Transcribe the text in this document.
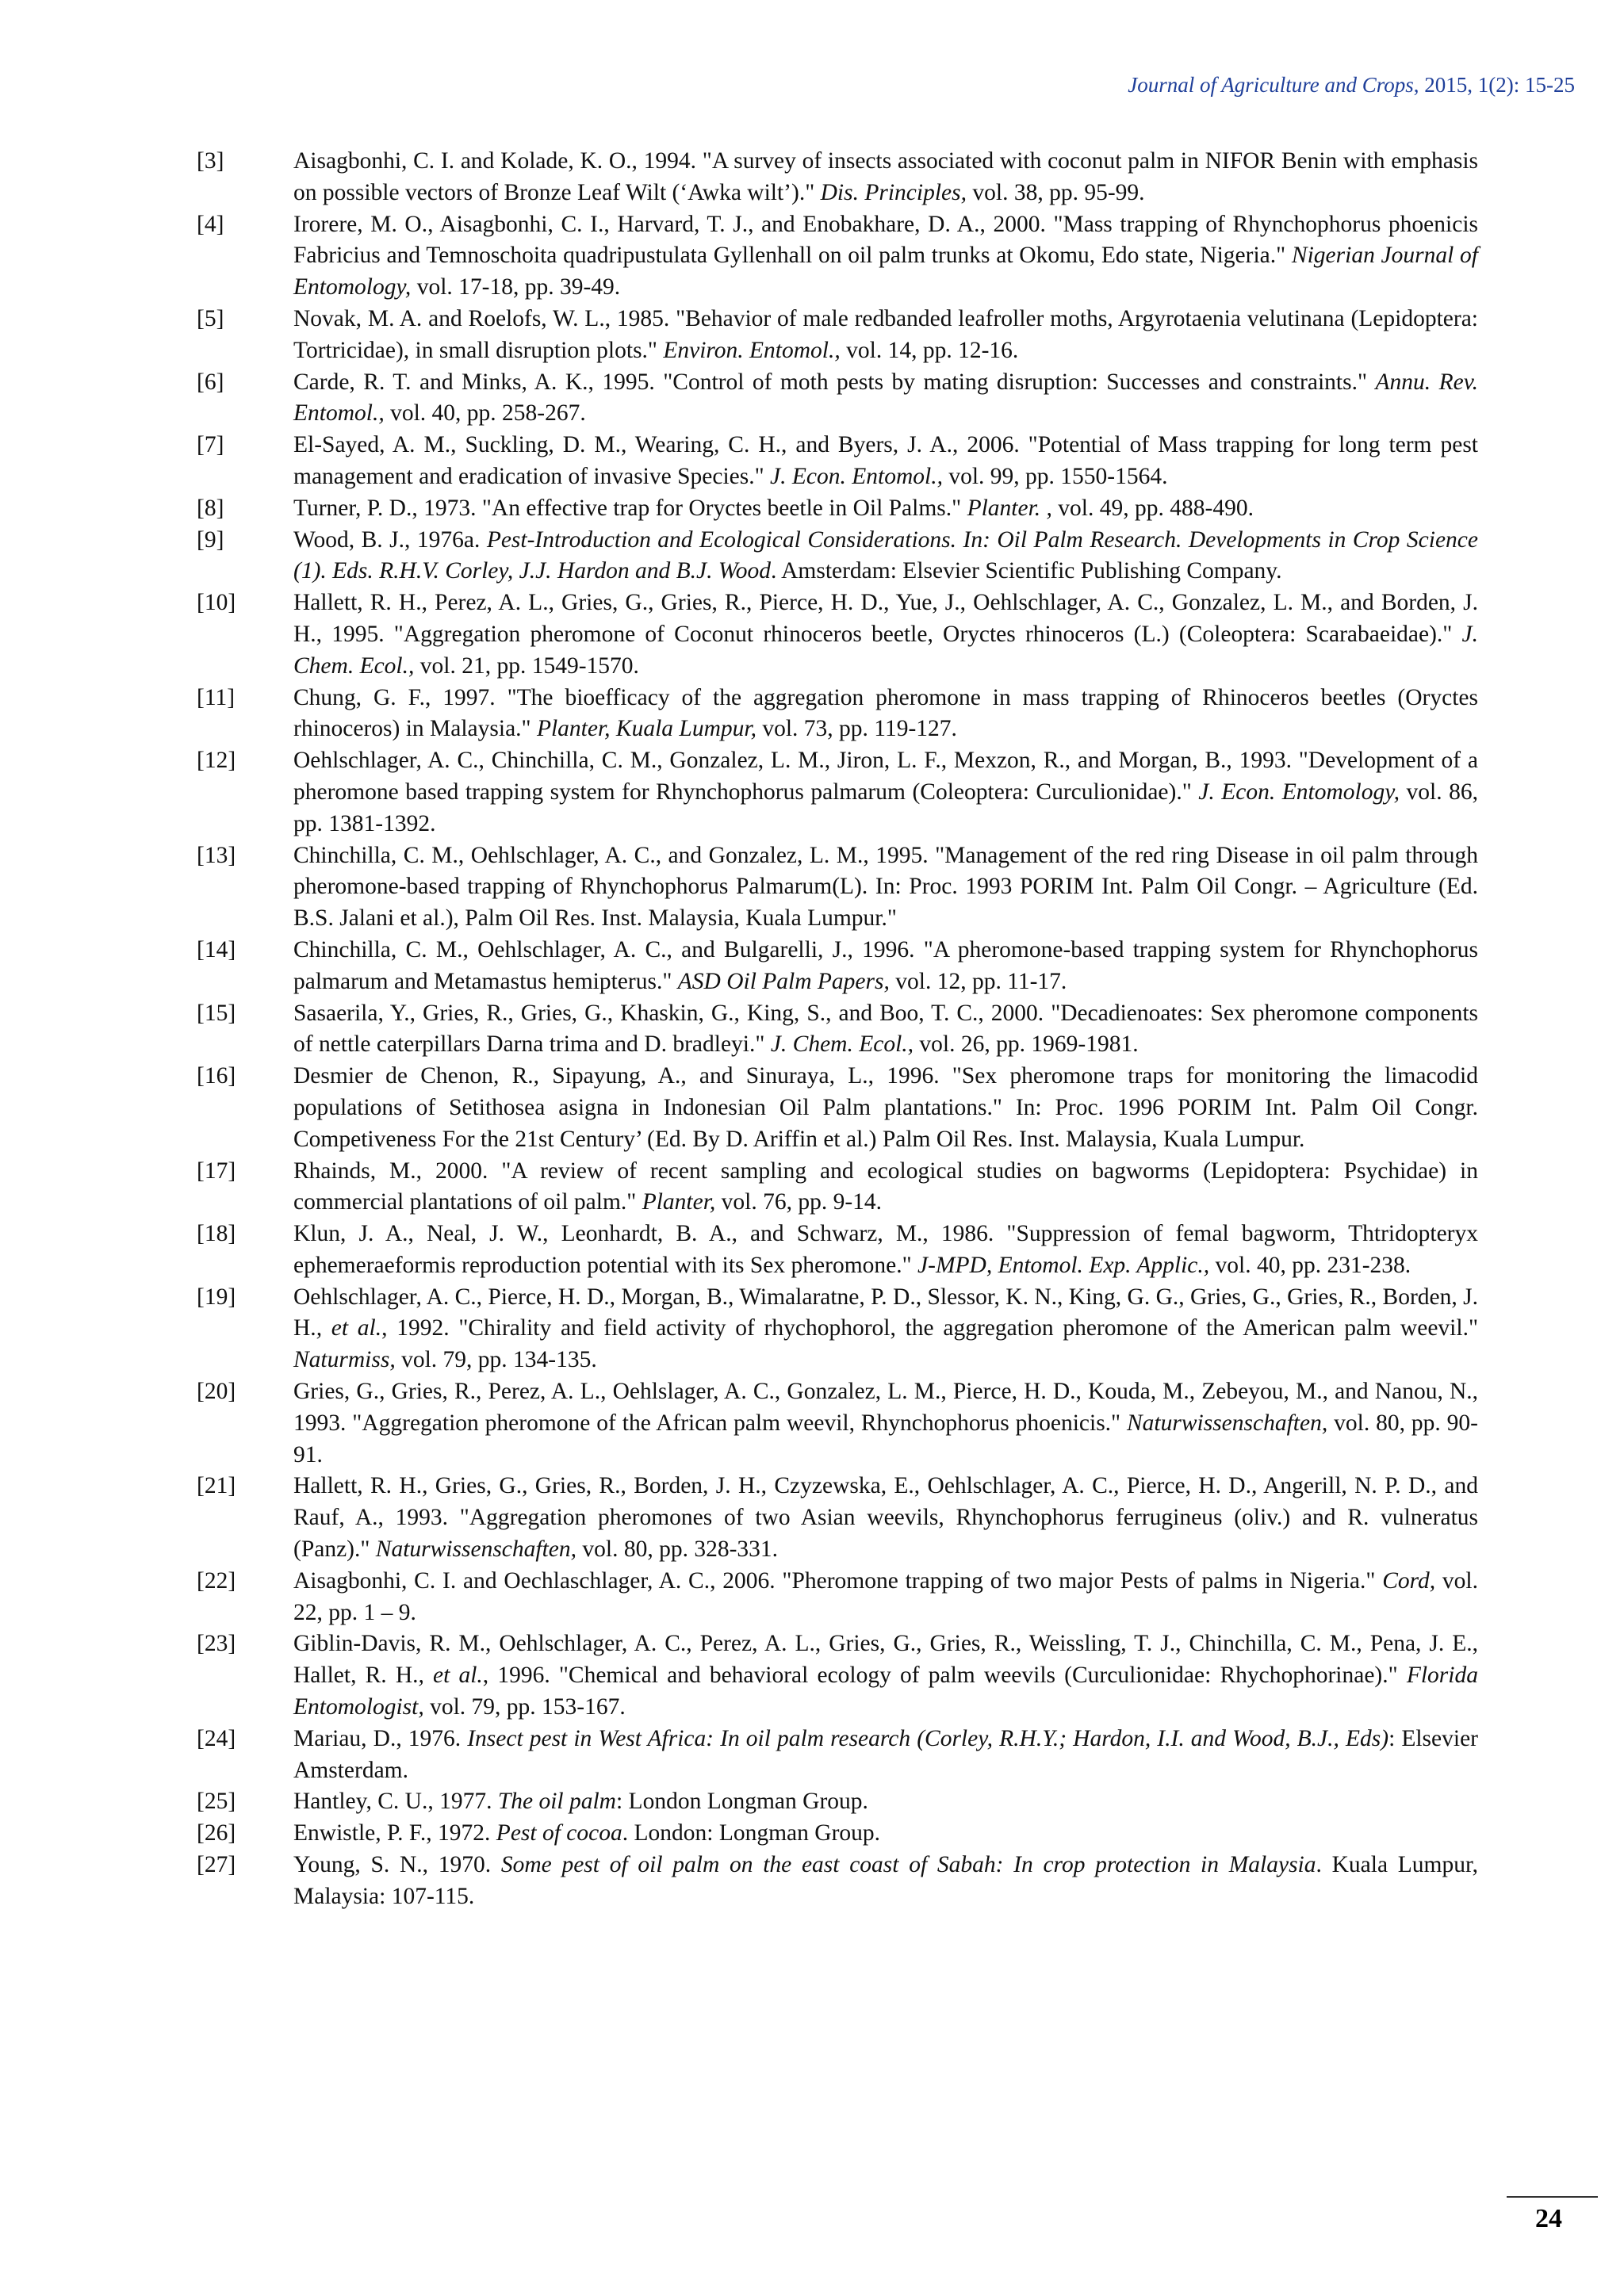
Journal of Agriculture and Crops, 2015, 1(2): 15-25
[3]	Aisagbonhi, C. I. and Kolade, K. O., 1994. "A survey of insects associated with coconut palm in NIFOR Benin with emphasis on possible vectors of Bronze Leaf Wilt (‘Awka wilt’)." Dis. Principles, vol. 38, pp. 95-99.
[4]	Irorere, M. O., Aisagbonhi, C. I., Harvard, T. J., and Enobakhare, D. A., 2000. "Mass trapping of Rhynchophorus phoenicis Fabricius and Temnoschoita quadripustulata Gyllenhall on oil palm trunks at Okomu, Edo state, Nigeria." Nigerian Journal of Entomology, vol. 17-18, pp. 39-49.
[5]	Novak, M. A. and Roelofs, W. L., 1985. "Behavior of male redbanded leafroller moths, Argyrotaenia velutinana (Lepidoptera: Tortricidae), in small disruption plots." Environ. Entomol., vol. 14, pp. 12-16.
[6]	Carde, R. T. and Minks, A. K., 1995. "Control of moth pests by mating disruption: Successes and constraints." Annu. Rev. Entomol., vol. 40, pp. 258-267.
[7]	El-Sayed, A. M., Suckling, D. M., Wearing, C. H., and Byers, J. A., 2006. "Potential of Mass trapping for long term pest management and eradication of invasive Species." J. Econ. Entomol., vol. 99, pp. 1550-1564.
[8]	Turner, P. D., 1973. "An effective trap for Oryctes beetle in Oil Palms." Planter. , vol. 49, pp. 488-490.
[9]	Wood, B. J., 1976a. Pest-Introduction and Ecological Considerations. In: Oil Palm Research. Developments in Crop Science (1). Eds. R.H.V. Corley, J.J. Hardon and B.J. Wood. Amsterdam: Elsevier Scientific Publishing Company.
[10]	Hallett, R. H., Perez, A. L., Gries, G., Gries, R., Pierce, H. D., Yue, J., Oehlschlager, A. C., Gonzalez, L. M., and Borden, J. H., 1995. "Aggregation pheromone of Coconut rhinoceros beetle, Oryctes rhinoceros (L.) (Coleoptera: Scarabaeidae)." J. Chem. Ecol., vol. 21, pp. 1549-1570.
[11]	Chung, G. F., 1997. "The bioefficacy of the aggregation pheromone in mass trapping of Rhinoceros beetles (Oryctes rhinoceros) in Malaysia." Planter, Kuala Lumpur, vol. 73, pp. 119-127.
[12]	Oehlschlager, A. C., Chinchilla, C. M., Gonzalez, L. M., Jiron, L. F., Mexzon, R., and Morgan, B., 1993. "Development of a pheromone based trapping system for Rhynchophorus palmarum (Coleoptera: Curculionidae)." J. Econ. Entomology, vol. 86, pp. 1381-1392.
[13]	Chinchilla, C. M., Oehlschlager, A. C., and Gonzalez, L. M., 1995. "Management of the red ring Disease in oil palm through pheromone-based trapping of Rhynchophorus Palmarum(L). In: Proc. 1993 PORIM Int. Palm Oil Congr. – Agriculture (Ed. B.S. Jalani et al.), Palm Oil Res. Inst. Malaysia, Kuala Lumpur."
[14]	Chinchilla, C. M., Oehlschlager, A. C., and Bulgarelli, J., 1996. "A pheromone-based trapping system for Rhynchophorus palmarum and Metamastus hemipterus." ASD Oil Palm Papers, vol. 12, pp. 11-17.
[15]	Sasaerila, Y., Gries, R., Gries, G., Khaskin, G., King, S., and Boo, T. C., 2000. "Decadienoates: Sex pheromone components of nettle caterpillars Darna trima and D. bradleyi." J. Chem. Ecol., vol. 26, pp. 1969-1981.
[16]	Desmier de Chenon, R., Sipayung, A., and Sinuraya, L., 1996. "Sex pheromone traps for monitoring the limacodid populations of Setithosea asigna in Indonesian Oil Palm plantations." In: Proc. 1996 PORIM Int. Palm Oil Congr. Competiveness For the 21st Century’ (Ed. By D. Ariffin et al.) Palm Oil Res. Inst. Malaysia, Kuala Lumpur.
[17]	Rhainds, M., 2000. "A review of recent sampling and ecological studies on bagworms (Lepidoptera: Psychidae) in commercial plantations of oil palm." Planter, vol. 76, pp. 9-14.
[18]	Klun, J. A., Neal, J. W., Leonhardt, B. A., and Schwarz, M., 1986. "Suppression of femal bagworm, Thtridopteryx ephemeraeformis reproduction potential with its Sex pheromone." J-MPD, Entomol. Exp. Applic., vol. 40, pp. 231-238.
[19]	Oehlschlager, A. C., Pierce, H. D., Morgan, B., Wimalaratne, P. D., Slessor, K. N., King, G. G., Gries, G., Gries, R., Borden, J. H., et al., 1992. "Chirality and field activity of rhychophorol, the aggregation pheromone of the American palm weevil." Naturmiss, vol. 79, pp. 134-135.
[20]	Gries, G., Gries, R., Perez, A. L., Oehlslager, A. C., Gonzalez, L. M., Pierce, H. D., Kouda, M., Zebeyou, M., and Nanou, N., 1993. "Aggregation pheromone of the African palm weevil, Rhynchophorus phoenicis." Naturwissenschaften, vol. 80, pp. 90-91.
[21]	Hallett, R. H., Gries, G., Gries, R., Borden, J. H., Czyzewska, E., Oehlschlager, A. C., Pierce, H. D., Angerill, N. P. D., and Rauf, A., 1993. "Aggregation pheromones of two Asian weevils, Rhynchophorus ferrugineus (oliv.) and R. vulneratus (Panz)." Naturwissenschaften, vol. 80, pp. 328-331.
[22]	Aisagbonhi, C. I. and Oechlaschlager, A. C., 2006. "Pheromone trapping of two major Pests of palms in Nigeria." Cord, vol. 22, pp. 1 – 9.
[23]	Giblin-Davis, R. M., Oehlschlager, A. C., Perez, A. L., Gries, G., Gries, R., Weissling, T. J., Chinchilla, C. M., Pena, J. E., Hallet, R. H., et al., 1996. "Chemical and behavioral ecology of palm weevils (Curculionidae: Rhychophorinae)." Florida Entomologist, vol. 79, pp. 153-167.
[24]	Mariau, D., 1976. Insect pest in West Africa: In oil palm research (Corley, R.H.Y.; Hardon, I.I. and Wood, B.J., Eds): Elsevier Amsterdam.
[25]	Hantley, C. U., 1977. The oil palm: London Longman Group.
[26]	Enwistle, P. F., 1972. Pest of cocoa. London: Longman Group.
[27]	Young, S. N., 1970. Some pest of oil palm on the east coast of Sabah: In crop protection in Malaysia. Kuala Lumpur, Malaysia: 107-115.
24
